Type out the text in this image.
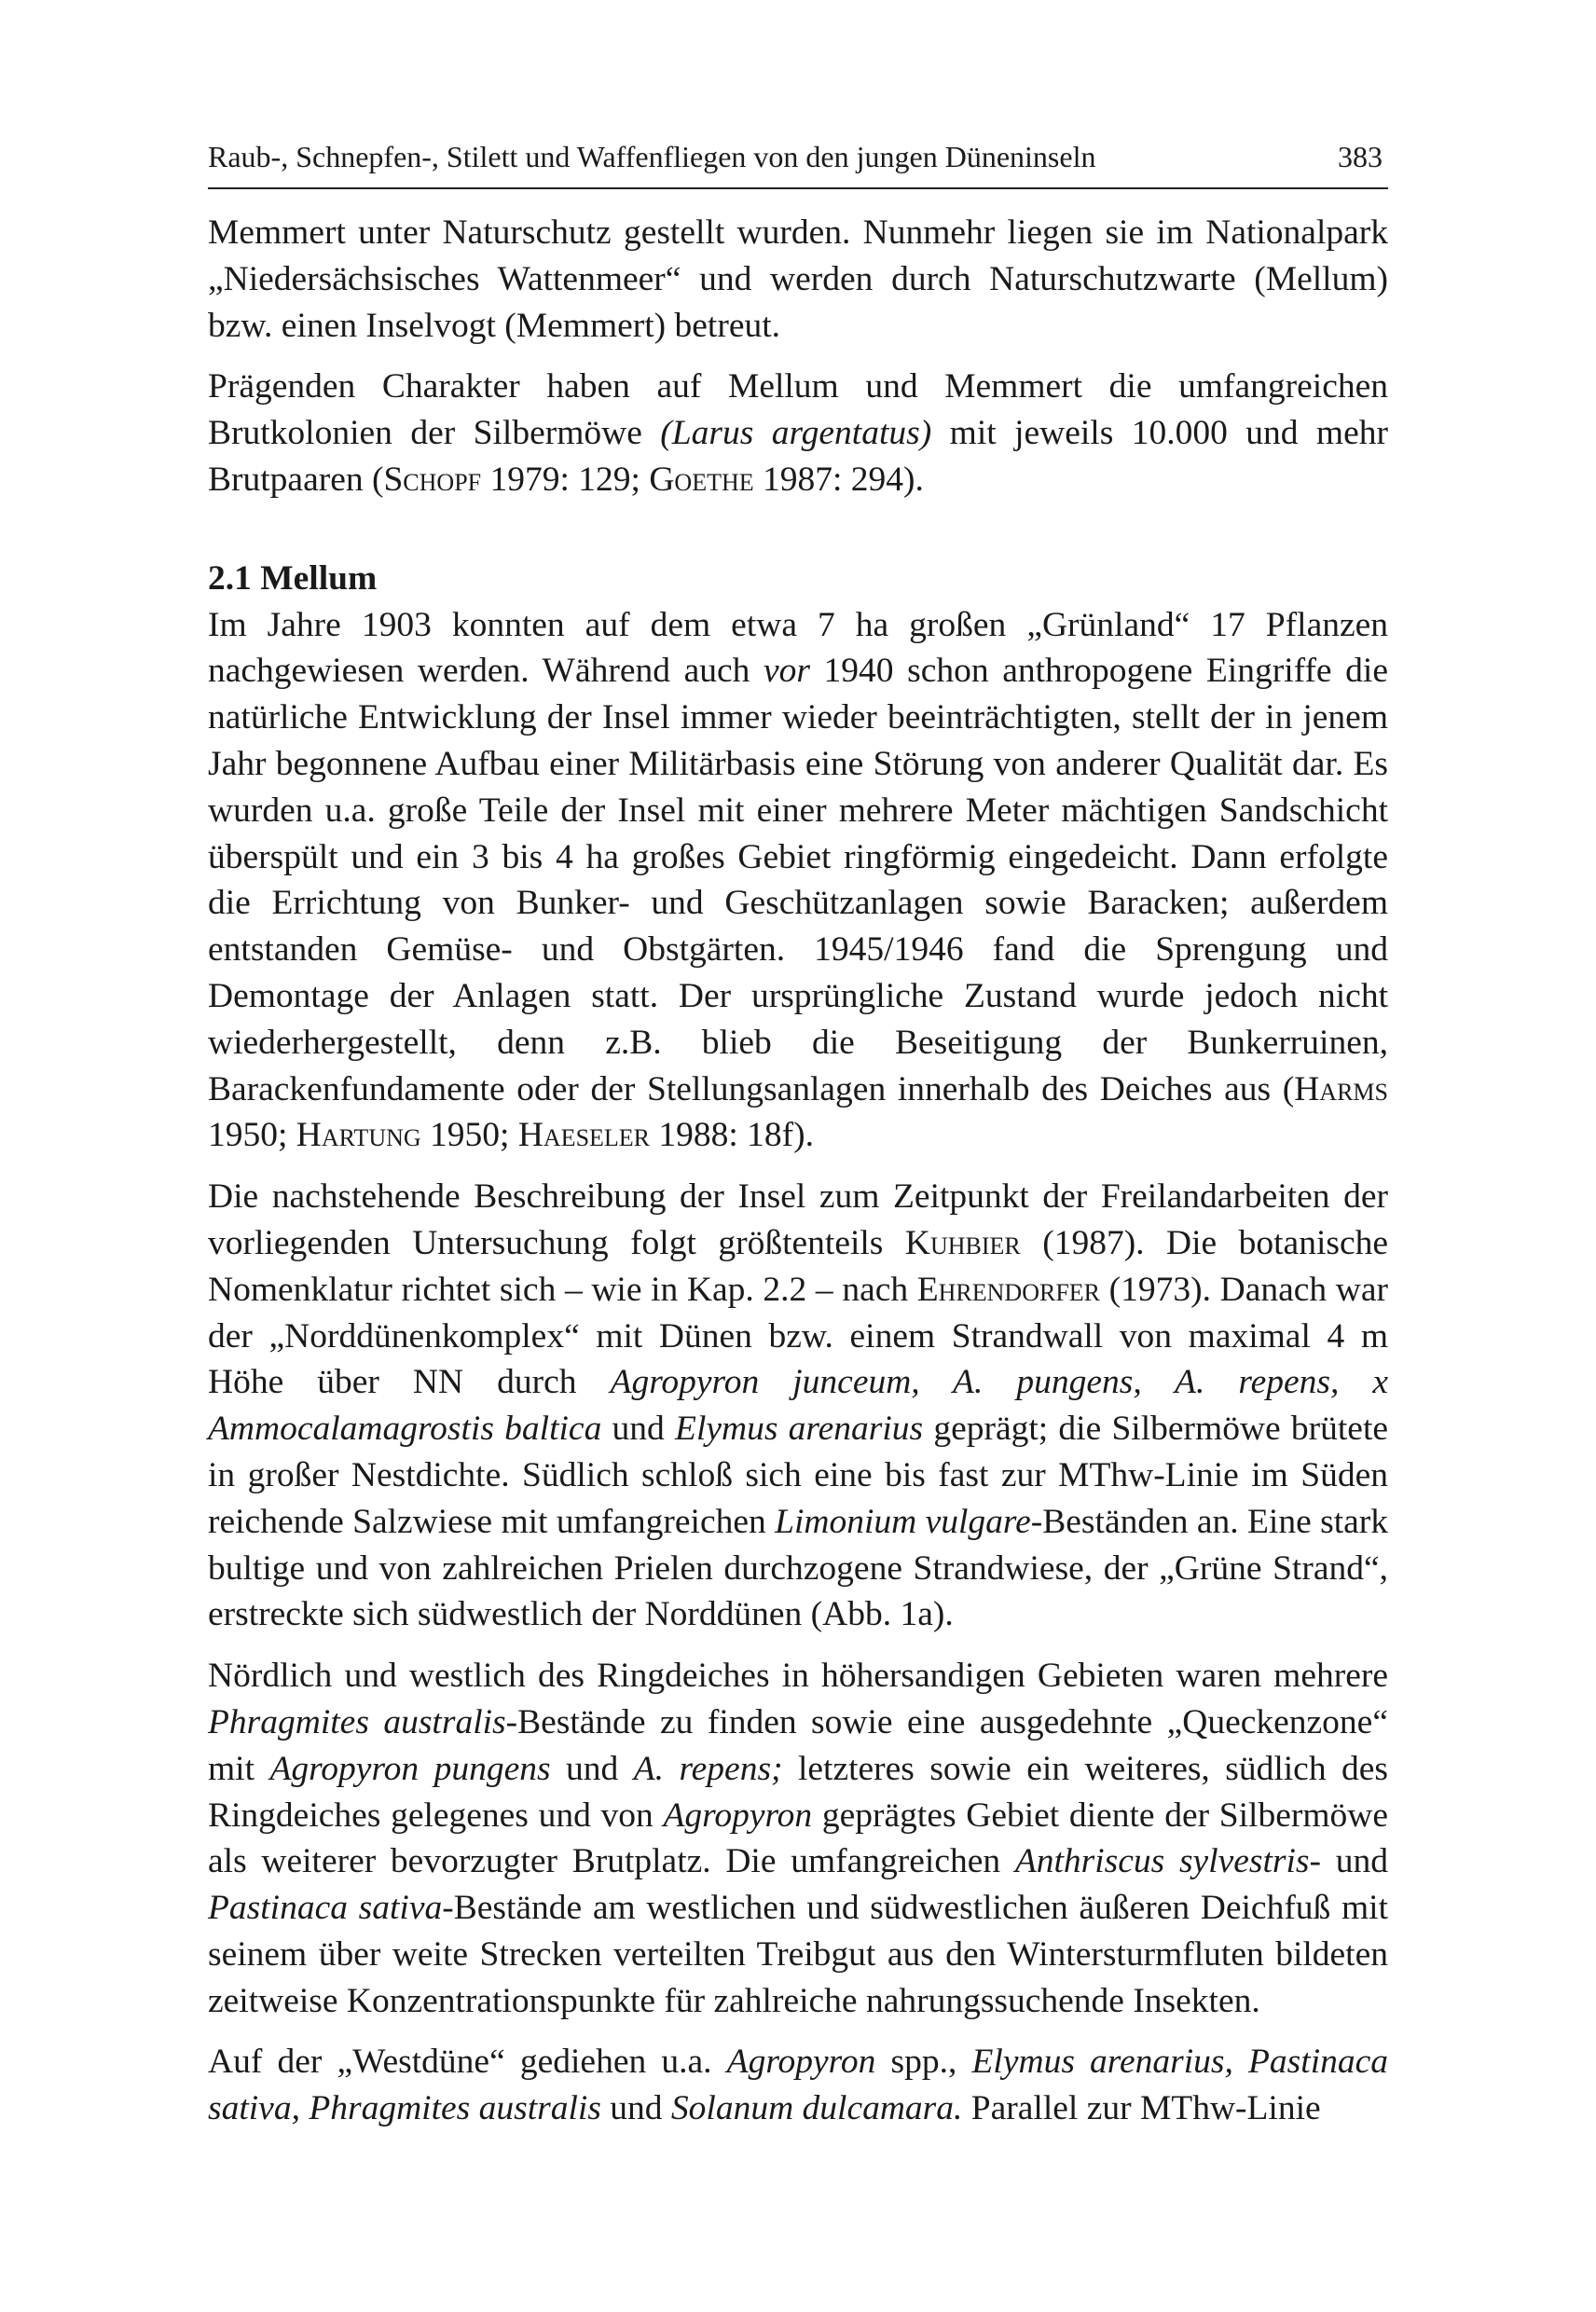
Raub-, Schnepfen-, Stilett und Waffenfliegen von den jungen Düneninseln	383

Memmert unter Naturschutz gestellt wurden. Nunmehr liegen sie im Nationalpark „Niedersächsisches Wattenmeer“ und werden durch Naturschutzwarte (Mellum) bzw. einen Inselvogt (Memmert) betreut.

Prägenden Charakter haben auf Mellum und Memmert die umfangreichen Brutkolonien der Silbermöwe (Larus argentatus) mit jeweils 10.000 und mehr Brutpaaren (Schopf 1979: 129; Goethe 1987: 294).

2.1 Mellum

Im Jahre 1903 konnten auf dem etwa 7 ha großen „Grünland“ 17 Pflanzen nachgewiesen werden. Während auch vor 1940 schon anthropogene Eingriffe die natürliche Entwicklung der Insel immer wieder beeinträchtigten, stellt der in jenem Jahr begonnene Aufbau einer Militärbasis eine Störung von anderer Qualität dar. Es wurden u.a. große Teile der Insel mit einer mehrere Meter mächtigen Sandschicht überspült und ein 3 bis 4 ha großes Gebiet ringförmig eingedeicht. Dann erfolgte die Errichtung von Bunker- und Geschützanlagen sowie Baracken; außerdem entstanden Gemüse- und Obstgärten. 1945/1946 fand die Sprengung und Demontage der Anlagen statt. Der ursprüngliche Zustand wurde jedoch nicht wiederhergestellt, denn z.B. blieb die Beseitigung der Bunkerruinen, Barackenfundamente oder der Stellungsanlagen innerhalb des Deiches aus (Harms 1950; Hartung 1950; Haeseler 1988: 18f).

Die nachstehende Beschreibung der Insel zum Zeitpunkt der Freilandarbeiten der vorliegenden Untersuchung folgt größtenteils Kuhbier (1987). Die botanische Nomenklatur richtet sich – wie in Kap. 2.2 – nach Ehrendorfer (1973). Danach war der „Norddünenkomplex“ mit Dünen bzw. einem Strandwall von maximal 4 m Höhe über NN durch Agropyron junceum, A. pungens, A. repens, x Ammocalamagrostis baltica und Elymus arenarius geprägt; die Silbermöwe brütete in großer Nestdichte. Südlich schloß sich eine bis fast zur MThw-Linie im Süden reichende Salzwiese mit umfangreichen Limonium vulgare-Beständen an. Eine stark bultige und von zahlreichen Prielen durchzogene Strandwiese, der „Grüne Strand“, erstreckte sich südwestlich der Norddünen (Abb. 1a).

Nördlich und westlich des Ringdeiches in höhersandigen Gebieten waren mehrere Phragmites australis-Bestände zu finden sowie eine ausgedehnte „Queckenzone“ mit Agropyron pungens und A. repens; letzteres sowie ein weiteres, südlich des Ringdeiches gelegenes und von Agropyron geprägtes Gebiet diente der Silbermöwe als weiterer bevorzugter Brutplatz. Die umfangreichen Anthriscus sylvestris- und Pastinaca sativa-Bestände am westlichen und südwestlichen äußeren Deichfuß mit seinem über weite Strecken verteilten Treibgut aus den Wintersturmfluten bildeten zeitweise Konzentrationspunkte für zahlreiche nahrungssuchende Insekten.

Auf der „Westdüne“ gediehen u.a. Agropyron spp., Elymus arenarius, Pastinaca sativa, Phragmites australis und Solanum dulcamara. Parallel zur MThw-Linie
